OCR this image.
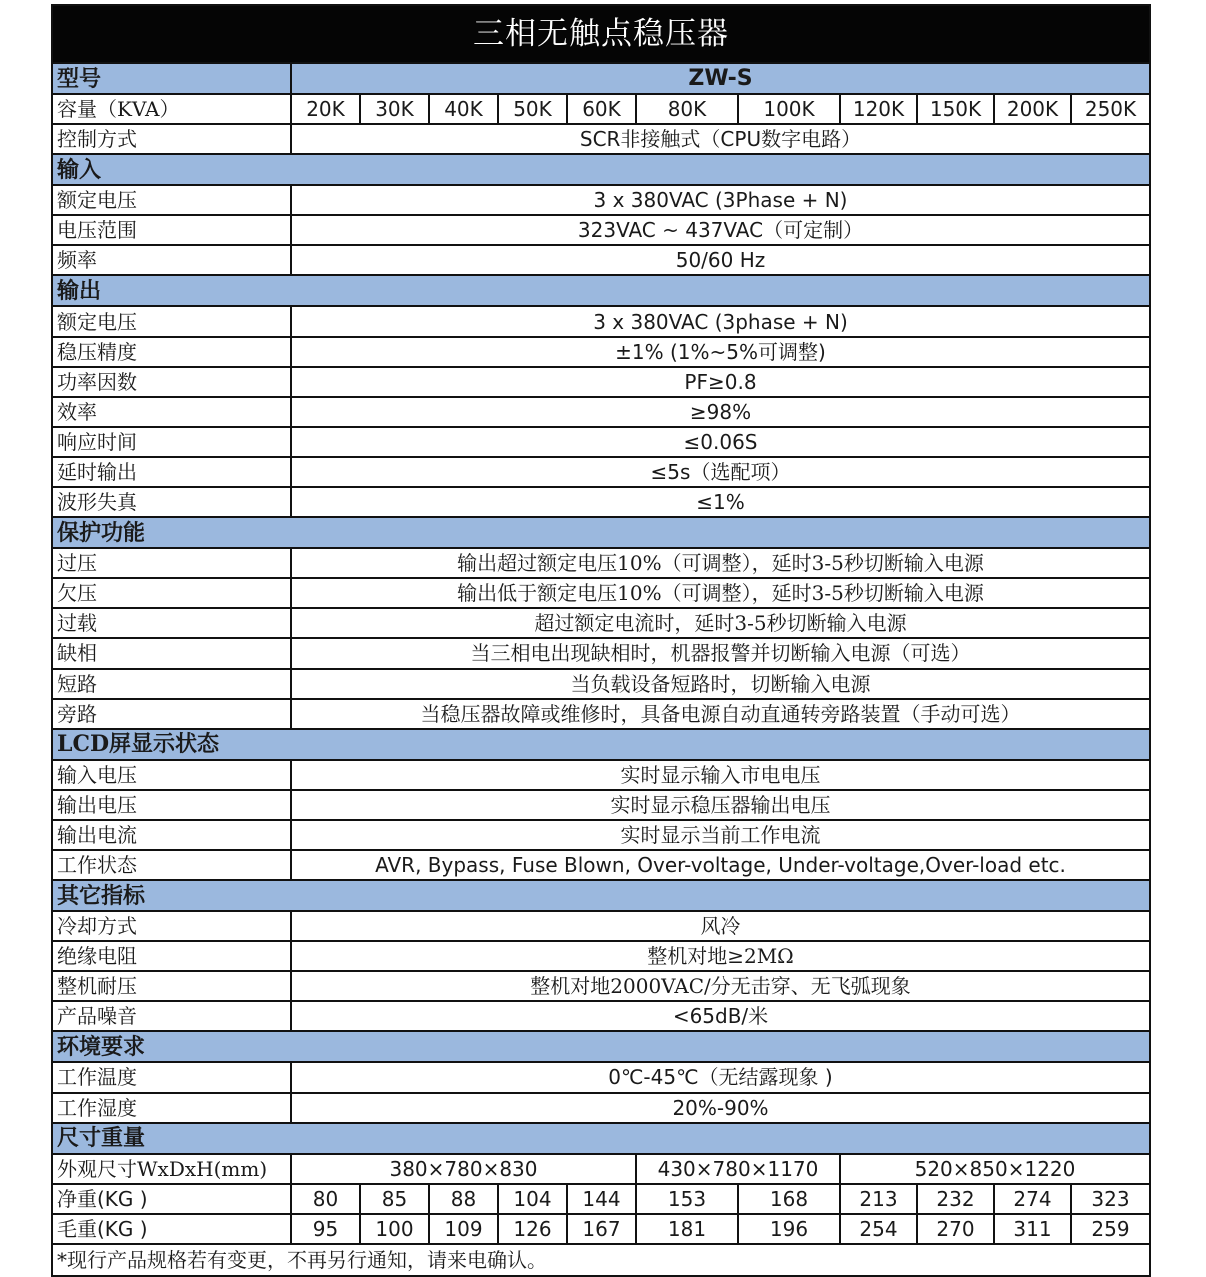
三相无触点稳压器											
型号	ZW-S										
容量（KVA）	20K	30K	40K	50K	60K	80K	100K	120K	150K	200K	250K
控制方式	SCR非接触式（CPU数字电路）										
输入											
额定电压	3 x 380VAC (3Phase + N)										
电压范围	323VAC ~ 437VAC（可定制）										
频率	50/60 Hz										
输出											
额定电压	3 x 380VAC (3phase + N)										
稳压精度	±1% (1%~5%可调整)										
功率因数	PF≥0.8										
效率	≥98%										
响应时间	≤0.06S										
延时输出	≤5s（选配项）										
波形失真	≤1%										
保护功能											
过压	输出超过额定电压10%（可调整），延时3-5秒切断输入电源										
欠压	输出低于额定电压10%（可调整），延时3-5秒切断输入电源										
过载	超过额定电流时，延时3-5秒切断输入电源										
缺相	当三相电出现缺相时，机器报警并切断输入电源（可选）										
短路	当负载设备短路时，切断输入电源										
旁路	当稳压器故障或维修时，具备电源自动直通转旁路装置（手动可选）										
LCD屏显示状态											
输入电压	实时显示输入市电电压										
输出电压	实时显示稳压器输出电压										
输出电流	实时显示当前工作电流										
工作状态	AVR, Bypass, Fuse Blown, Over-voltage, Under-voltage,Over-load etc.										
其它指标											
冷却方式	风冷										
绝缘电阻	整机对地≥2MΩ										
整机耐压	整机对地2000VAC/分无击穿、无飞弧现象										
产品噪音	<65dB/米										
环境要求											
工作温度	0℃-45℃（无结露现象 )										
工作湿度	20%-90%										
尺寸重量											
外观尺寸WxDxH(mm)	380×780×830					430×780×1170		520×850×1220			
净重(KG )	80	85	88	104	144	153	168	213	232	274	323
毛重(KG )	95	100	109	126	167	181	196	254	270	311	259
*现行产品规格若有变更，不再另行通知，请来电确认。											
